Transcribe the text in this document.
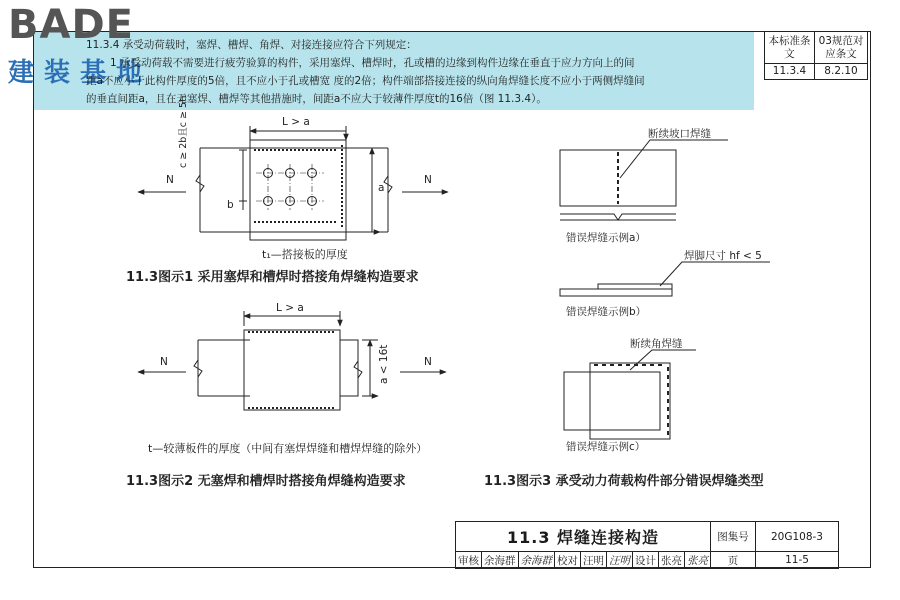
BADE
建装基地
11.3.4 承受动荷载时，塞焊、槽焊、角焊、对接连接应符合下列规定：
1 承受动荷载不需要进行疲劳验算的构件，采用塞焊、槽焊时，孔或槽的边缘到构件边缘在垂直于应力方向上的间
距a不应小于此构件厚度的5倍，且不应小于孔或槽宽 度的2倍；构件端部搭接连接的纵向角焊缝长度不应小于两侧焊缝间
的垂直间距a，且在无塞焊、槽焊等其他措施时，间距a不应大于较薄件厚度t的16倍（图 11.3.4）。
本标准条文	03规范对应条文
11.3.4	8.2.10
L > a
a
c ≥ 2b且c ≥ 5t₁
b
N	N
t₁—搭接板的厚度
11.3图示1 采用塞焊和槽焊时搭接角焊缝构造要求
L > a
a < 16t
N	N
t—较薄板件的厚度（中间有塞焊焊缝和槽焊焊缝的除外）
11.3图示2 无塞焊和槽焊时搭接角焊缝构造要求
断续坡口焊缝
错误焊缝示例a）
焊脚尺寸 hf < 5
错误焊缝示例b）
断续角焊缝
错误焊缝示例c）
11.3图示3 承受动力荷载构件部分错误焊缝类型
11.3 焊缝连接构造									图集号	20G108-3
审核	余海群	余海群	校对	汪明	汪明	设计	张亮	张亮	页	11-5
